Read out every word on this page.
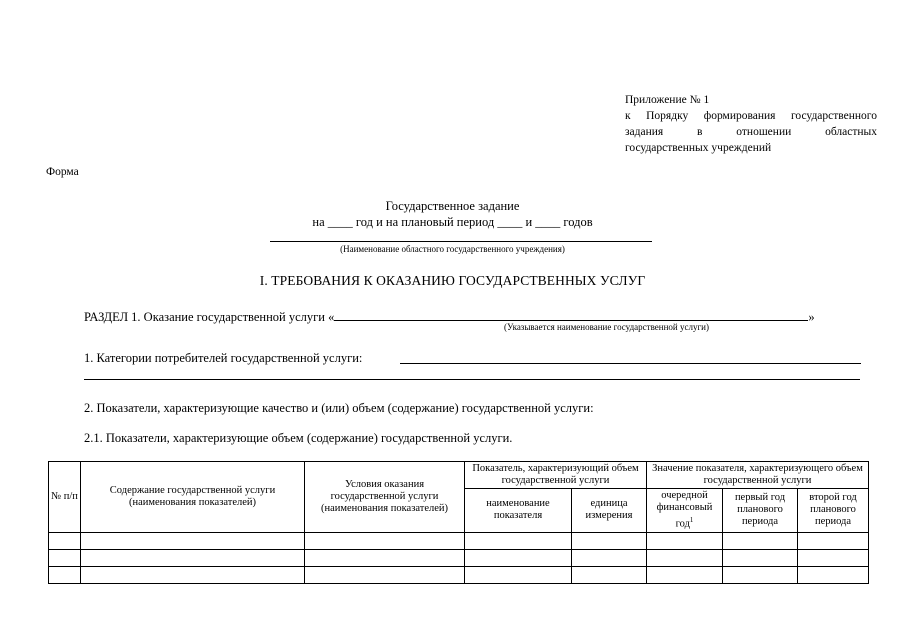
Приложение № 1
к Порядку формирования государственного
задания в отношении областных
государственных учреждений
Форма
Государственное задание
на ____ год и на плановый период ____ и ____ годов
(Наименование областного государственного учреждения)
I. ТРЕБОВАНИЯ К ОКАЗАНИЮ ГОСУДАРСТВЕННЫХ УСЛУГ
РАЗДЕЛ 1. Оказание государственной услуги «	»
(Указывается наименование государственной услуги)
1. Категории потребителей государственной услуги:
2. Показатели, характеризующие качество и (или) объем (содержание) государственной услуги:
2.1. Показатели, характеризующие объем (содержание) государственной услуги.
№ п/п	Содержание государственной услуги (наименования показателей)	Условия оказания государственной услуги (наименования показателей)	Показатель, характеризующий объем государственной услуги		Значение показателя, характеризующего объем государственной услуги		
			наименование показателя	единица измерения	очередной финансовый год$^1$	первый год планового периода	второй год планового периода
